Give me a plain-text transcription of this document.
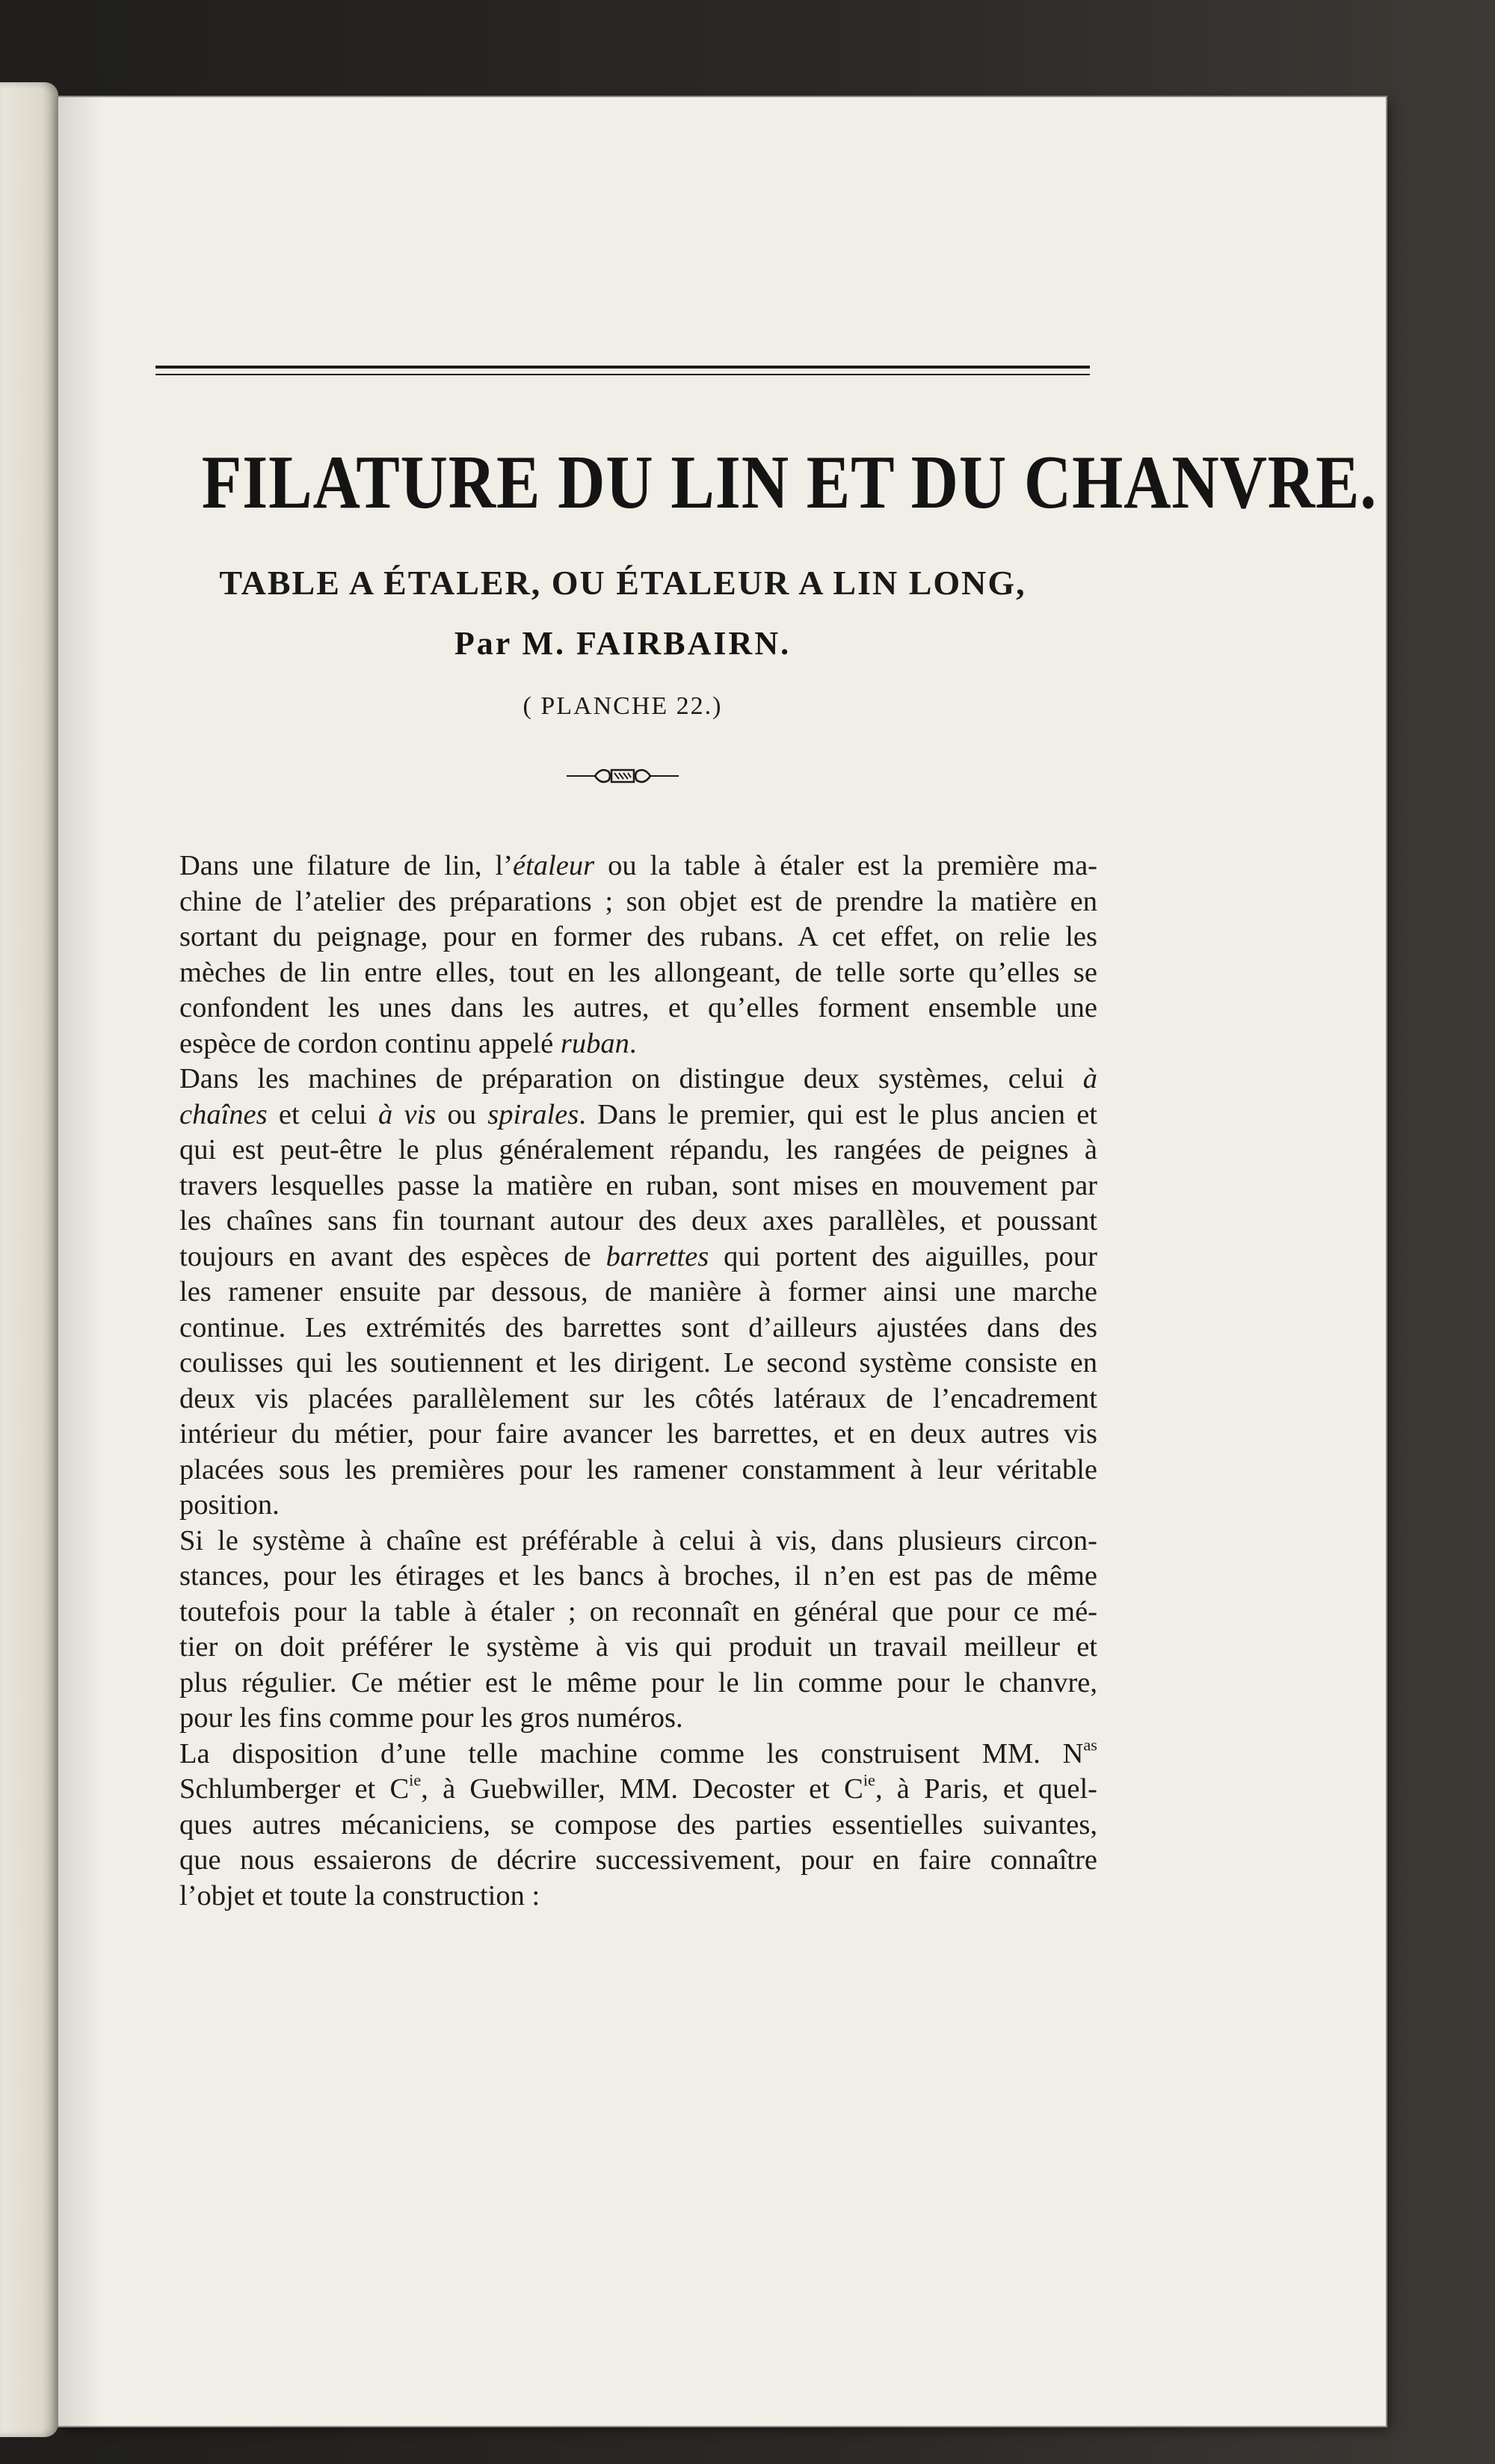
FILATURE DU LIN ET DU CHANVRE.
TABLE A ÉTALER, OU ÉTALEUR A LIN LONG,
Par M. FAIRBAIRN.

( PLANCHE 22.)

Dans une filature de lin, l’étaleur ou la table à étaler est la première ma-
chine de l’atelier des préparations ; son objet est de prendre la matière en
sortant du peignage, pour en former des rubans. A cet effet, on relie les
mèches de lin entre elles, tout en les allongeant, de telle sorte qu’elles se
confondent les unes dans les autres, et qu’elles forment ensemble une
espèce de cordon continu appelé ruban.

Dans les machines de préparation on distingue deux systèmes, celui à
chaînes et celui à vis ou spirales. Dans le premier, qui est le plus ancien et
qui est peut-être le plus généralement répandu, les rangées de peignes à
travers lesquelles passe la matière en ruban, sont mises en mouvement par
les chaînes sans fin tournant autour des deux axes parallèles, et poussant
toujours en avant des espèces de barrettes qui portent des aiguilles, pour
les ramener ensuite par dessous, de manière à former ainsi une marche
continue. Les extrémités des barrettes sont d’ailleurs ajustées dans des
coulisses qui les soutiennent et les dirigent. Le second système consiste en
deux vis placées parallèlement sur les côtés latéraux de l’encadrement
intérieur du métier, pour faire avancer les barrettes, et en deux autres vis
placées sous les premières pour les ramener constamment à leur véritable
position.

Si le système à chaîne est préférable à celui à vis, dans plusieurs circon-
stances, pour les étirages et les bancs à broches, il n’en est pas de même
toutefois pour la table à étaler ; on reconnaît en général que pour ce mé-
tier on doit préférer le système à vis qui produit un travail meilleur et
plus régulier. Ce métier est le même pour le lin comme pour le chanvre,
pour les fins comme pour les gros numéros.

La disposition d’une telle machine comme les construisent MM. $N^{as}$
Schlumberger et $C^{ie}$, à Guebwiller, MM. Decoster et $C^{ie}$, à Paris, et quel-
ques autres mécaniciens, se compose des parties essentielles suivantes,
que nous essaierons de décrire successivement, pour en faire connaître
l’objet et toute la construction :
